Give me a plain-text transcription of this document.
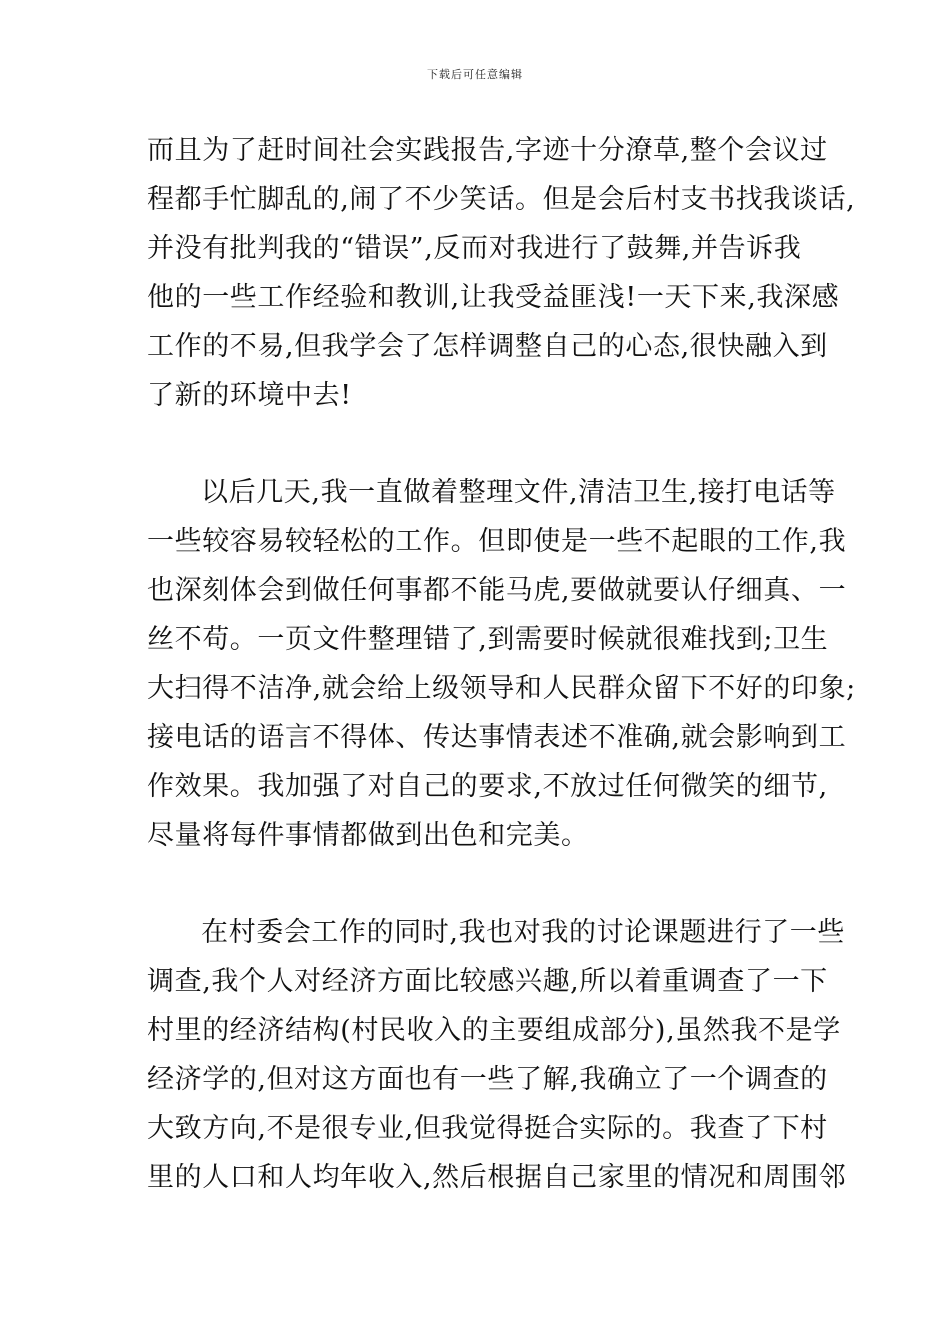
下载后可任意编辑
而且为了赶时间社会实践报告,字迹十分潦草,整个会议过
程都手忙脚乱的,闹了不少笑话。但是会后村支书找我谈话,
并没有批判我的“错误”,反而对我进行了鼓舞,并告诉我
他的一些工作经验和教训,让我受益匪浅!一天下来,我深感
工作的不易,但我学会了怎样调整自己的心态,很快融入到
了新的环境中去!
以后几天,我一直做着整理文件,清洁卫生,接打电话等
一些较容易较轻松的工作。但即使是一些不起眼的工作,我
也深刻体会到做任何事都不能马虎,要做就要认仔细真、一
丝不苟。一页文件整理错了,到需要时候就很难找到;卫生
大扫得不洁净,就会给上级领导和人民群众留下不好的印象;
接电话的语言不得体、传达事情表述不准确,就会影响到工
作效果。我加强了对自己的要求,不放过任何微笑的细节,
尽量将每件事情都做到出色和完美。
在村委会工作的同时,我也对我的讨论课题进行了一些
调查,我个人对经济方面比较感兴趣,所以着重调查了一下
村里的经济结构(村民收入的主要组成部分),虽然我不是学
经济学的,但对这方面也有一些了解,我确立了一个调查的
大致方向,不是很专业,但我觉得挺合实际的。我查了下村
里的人口和人均年收入,然后根据自己家里的情况和周围邻
